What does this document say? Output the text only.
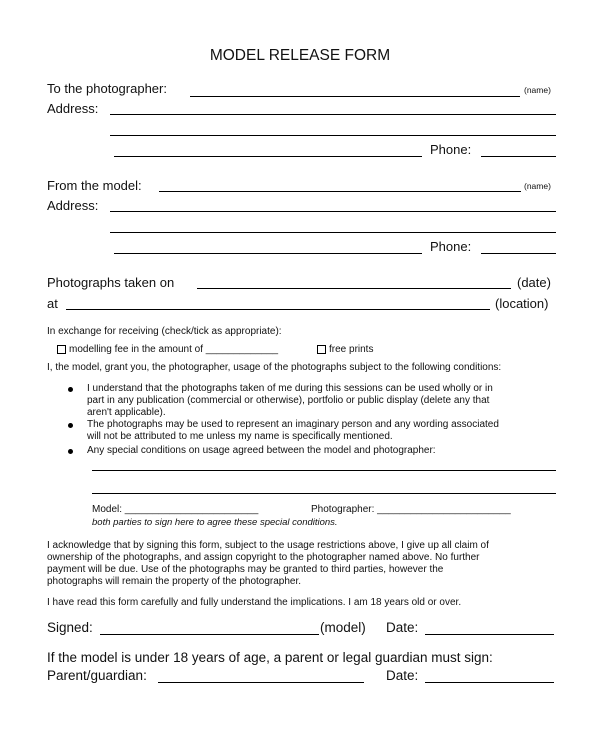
MODEL RELEASE FORM
To the photographer:	(name)
Address:
Phone:
From the model:	(name)
Address:
Phone:
Photographs taken on	(date)
at	(location)
In exchange for receiving (check/tick as appropriate):
modelling fee in the amount of _____________	free prints
I, the model, grant you, the photographer, usage of the photographs subject to the following conditions:
I understand that the photographs taken of me during this sessions can be used wholly or in
part in any publication (commercial or otherwise), portfolio or public display (delete any that
aren't applicable).
The photographs may be used to represent an imaginary person and any wording associated
will not be attributed to me unless my name is specifically mentioned.
Any special conditions on usage agreed between the model and photographer:
Model: ________________________	Photographer: ________________________
both parties to sign here to agree these special conditions.
I acknowledge that by signing this form, subject to the usage restrictions above, I give up all claim of
ownership of the photographs, and assign copyright to the photographer named above. No further
payment will be due. Use of the photographs may be granted to third parties, however the
photographs will remain the property of the photographer.
I have read this form carefully and fully understand the implications. I am 18 years old or over.
Signed:	(model) Date:
If the model is under 18 years of age, a parent or legal guardian must sign:
Parent/guardian:	Date:
